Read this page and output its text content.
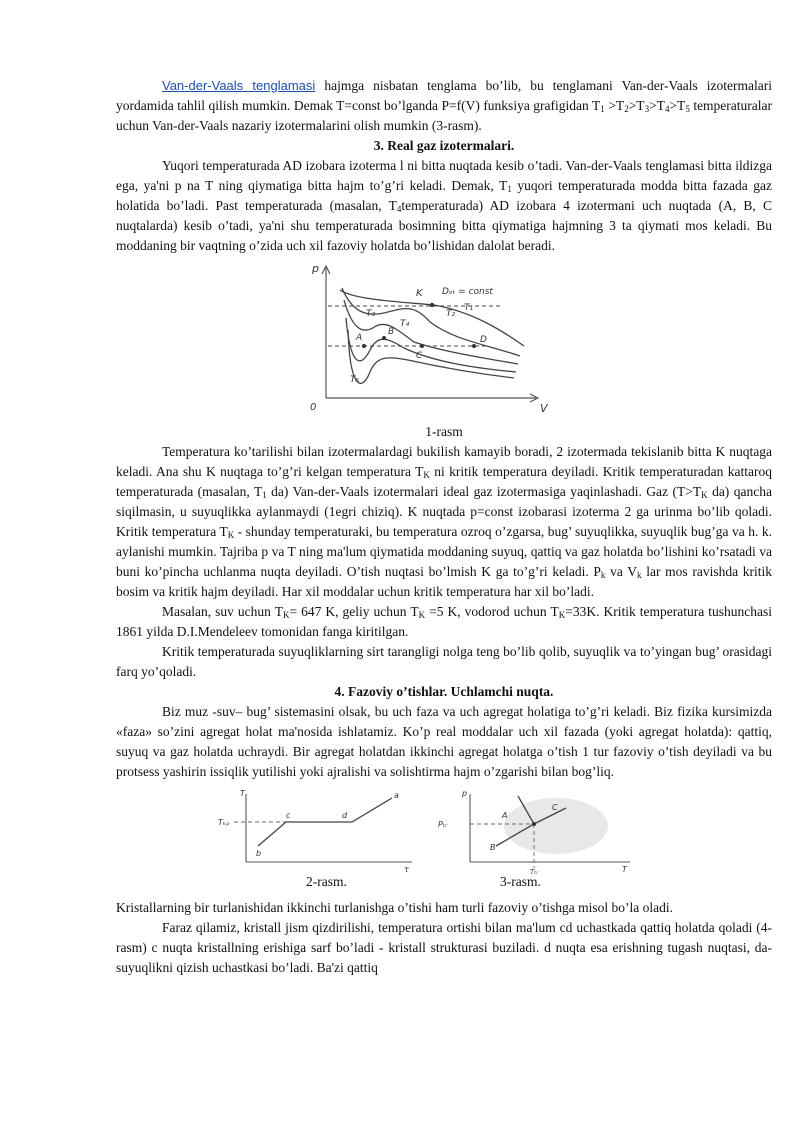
Van-der-Vaals tenglamasi hajmga nisbatan tenglama bo’lib, bu tenglamani Van-der-Vaals izotermalari yordamida tahlil qilish mumkin. Demak T=const bo’lganda P=f(V) funksiya grafigidan $T_1 >T_2>T_3>T_4>T_5$ temperaturalar uchun Van-der-Vaals nazariy izotermalarini olish mumkin (3-rasm).

3. Real gaz izotermalari.

Yuqori temperaturada AD izobara izoterma l ni bitta nuqtada kesib o’tadi. Van-der-Vaals tenglamasi bitta ildizga ega, ya'ni p na T ning qiymatiga bitta hajm to’g’ri keladi. Demak, $T_1$ yuqori temperaturada modda bitta fazada gaz holatida bo’ladi. Past temperaturada (masalan, $T_4temperaturada$) AD izobara 4 izotermani uch nuqtada (A, B, C nuqtalarda) kesib o’tadi, ya'ni shu temperaturada bosimning bitta qiymatiga hajmning 3 ta qiymati mos keladi. Bu moddaning bir vaqtning o’zida uch xil fazoviy holatda bo’lishidan dalolat beradi.

p
V
0
K Dₒₜ = const
T₁
T₂
T₃
T₄
T₅
A
B
C
D

1-rasm

Temperatura ko’tarilishi bilan izotermalardagi bukilish kamayib boradi, 2 izotermada tekislanib bitta K nuqtaga keladi. Ana shu K nuqtaga to’g’ri kelgan temperatura $T_K$ ni kritik temperatura deyiladi. Kritik temperaturadan kattaroq temperaturada (masalan, $T_1$ da) Van-der-Vaals izotermalari ideal gaz izotermasiga yaqinlashadi. Gaz ($T>T_K$ da) qancha siqilmasin, u suyuqlikka aylanmaydi (1egri chiziq). K nuqtada p=const izobarasi izoterma 2 ga urinma bo’lib qoladi. Kritik temperatura $T_K$ - shunday temperaturaki, bu temperatura ozroq o’zgarsa, bug’ suyuqlikka, suyuqlik bug’ga va h. k. aylanishi mumkin. Tajriba p va T ning ma'lum qiymatida moddaning suyuq, qattiq va gaz holatda bo’lishini ko’rsatadi va buni ko’pincha uchlanma nuqta deyiladi. O’tish nuqtasi bo’lmish K ga to’g’ri keladi. $P_k$ va $V_k$ lar mos ravishda kritik bosim va kritik hajm deyiladi. Har xil moddalar uchun kritik temperatura har xil bo’ladi.

Masalan, suv uchun $T_K= 647$ K, geliy uchun $T_K =5$ K, vodorod uchun $T_K=33K$. Kritik temperatura tushunchasi 1861 yilda D.I.Mendeleev tomonidan fanga kiritilgan.

Kritik temperaturada suyuqliklarning sirt tarangligi nolga teng bo’lib qolib, suyuqlik va to’yingan bug’ orasidagi farq yo’qoladi.

4. Fazoviy o’tishlar. Uchlamchi nuqta.

Biz muz -suv– bug’ sistemasini olsak, bu uch faza va uch agregat holatiga to’g’ri keladi. Biz fizika kursimizda «faza» so’zini agregat holat ma'nosida ishlatamiz. Ko’p real moddalar uch xil fazada (yoki agregat holatda): qattiq, suyuq va gaz holatda uchraydi. Bir agregat holatdan ikkinchi agregat holatga o’tish 1 tur fazoviy o’tish deyiladi va bu protsess yashirin issiqlik yutilishi yoki ajralishi va solishtirma hajm o’zgarishi bilan bog’liq.

T
Tₖₚ
b
c	d
a
τ
p
Pₜᵣ
Tₜᵣ	T
A
B
C
2-rasm.	3-rasm.

Kristallarning bir turlanishidan ikkinchi turlanishga o’tishi ham turli fazoviy o’tishga misol bo’la oladi.

Faraz qilamiz, kristall jism qizdirilishi, temperatura ortishi bilan ma'lum cd uchastkada qattiq holatda qoladi (4-rasm) c nuqta kristallning erishiga sarf bo’ladi - kristall strukturasi buziladi. d nuqta esa erishning tugash nuqtasi, da- suyuqlikni qizish uchastkasi bo’ladi. Ba'zi qattiq
